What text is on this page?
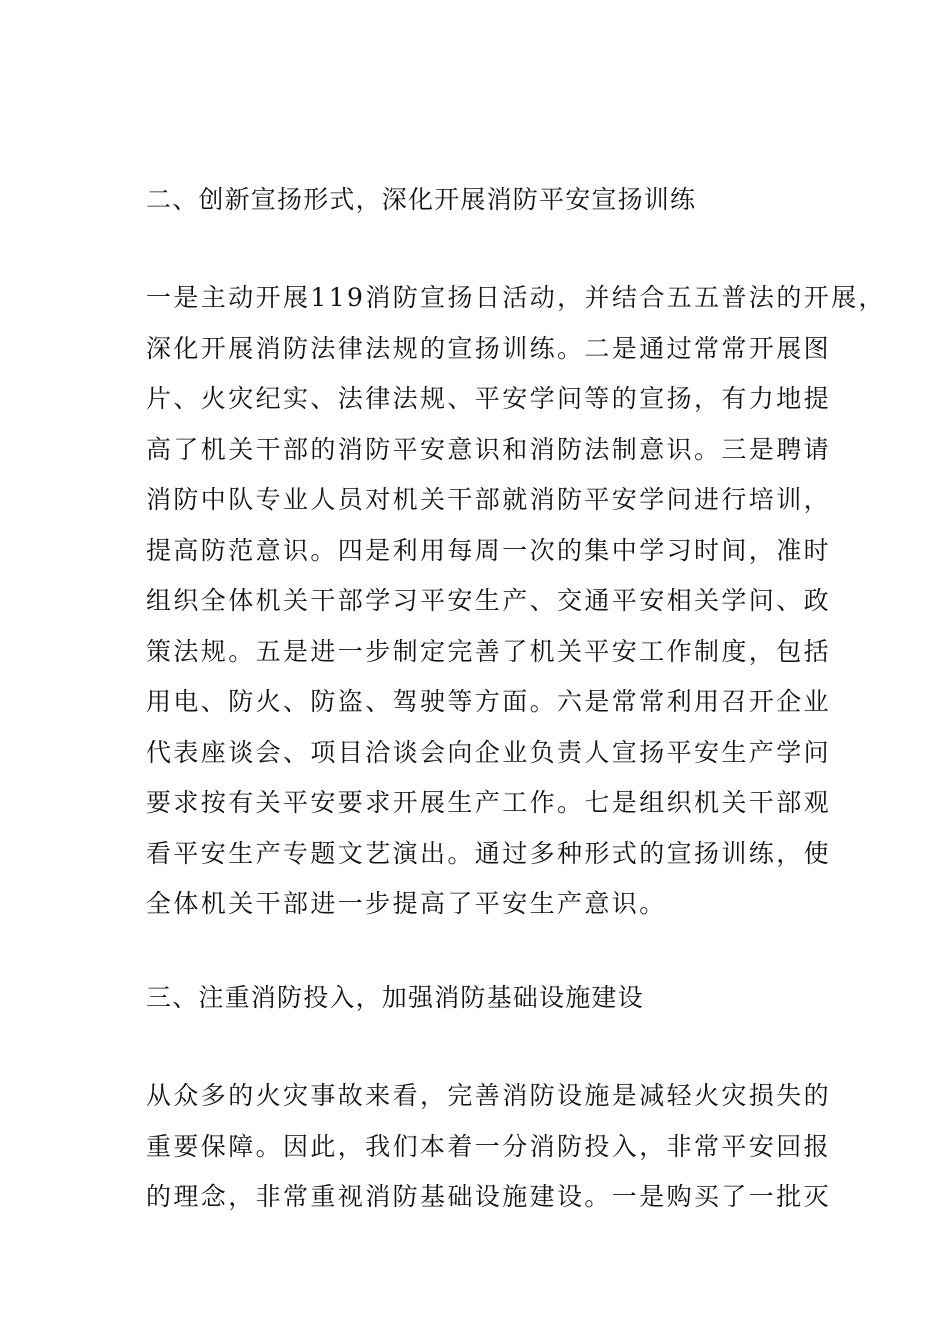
二、创新宣扬形式，深化开展消防平安宣扬训练
一是主动开展119消防宣扬日活动，并结合五五普法的开展，
深化开展消防法律法规的宣扬训练。二是通过常常开展图
片、火灾纪实、法律法规、平安学问等的宣扬，有力地提
高了机关干部的消防平安意识和消防法制意识。三是聘请
消防中队专业人员对机关干部就消防平安学问进行培训，
提高防范意识。四是利用每周一次的集中学习时间，准时
组织全体机关干部学习平安生产、交通平安相关学问、政
策法规。五是进一步制定完善了机关平安工作制度，包括
用电、防火、防盗、驾驶等方面。六是常常利用召开企业
代表座谈会、项目洽谈会向企业负责人宣扬平安生产学问
要求按有关平安要求开展生产工作。七是组织机关干部观
看平安生产专题文艺演出。通过多种形式的宣扬训练，使
全体机关干部进一步提高了平安生产意识。
三、注重消防投入，加强消防基础设施建设
从众多的火灾事故来看，完善消防设施是减轻火灾损失的
重要保障。因此，我们本着一分消防投入，非常平安回报
的理念，非常重视消防基础设施建设。一是购买了一批灭
